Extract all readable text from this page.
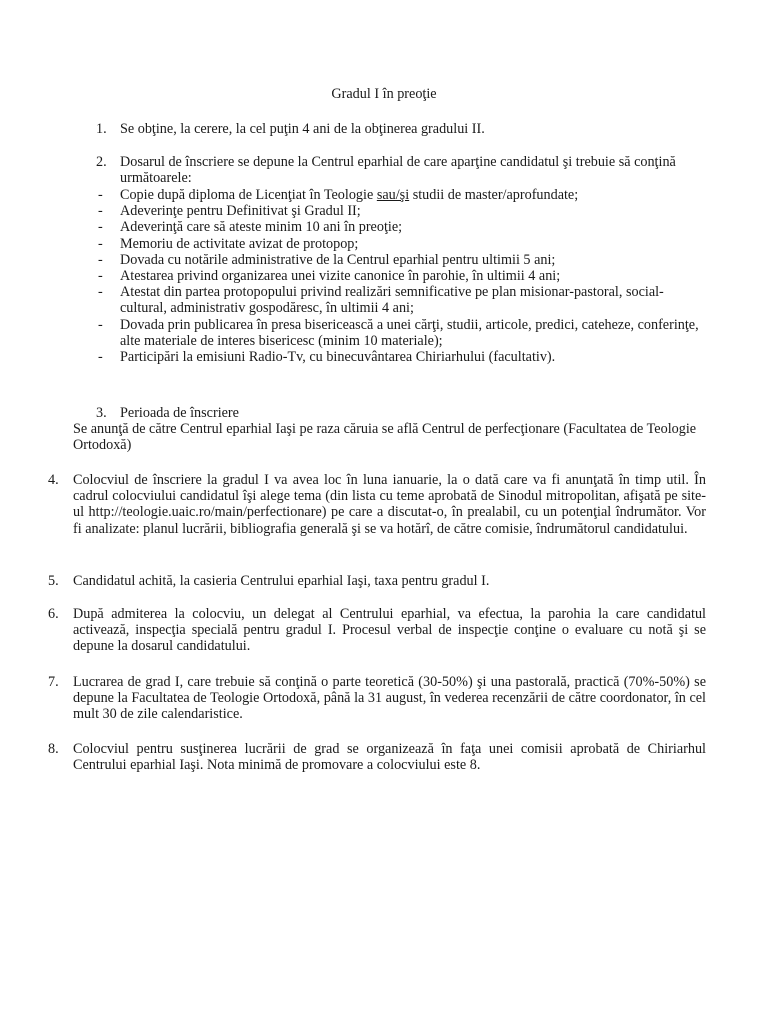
Gradul I în preoţie
1. Se obţine, la cerere, la cel puţin 4 ani de la obţinerea gradului II.
2. Dosarul de înscriere se depune la Centrul eparhial de care aparţine candidatul şi trebuie să conţină următoarele:
- Copie după diploma de Licenţiat în Teologie sau/şi studii de master/aprofundate;
- Adeverinţe pentru Definitivat şi Gradul II;
- Adeverinţă care să ateste minim 10 ani în preoţie;
- Memoriu de activitate avizat de protopop;
- Dovada cu notările administrative de la Centrul eparhial pentru ultimii 5 ani;
- Atestarea privind organizarea unei vizite canonice în parohie, în ultimii 4 ani;
- Atestat din partea protopopului privind realizări semnificative pe plan misionar-pastoral, social-cultural, administrativ gospodăresc, în ultimii 4 ani;
- Dovada prin publicarea în presa bisericească a unei cărţi, studii, articole, predici, cateheze, conferinţe, alte materiale de interes bisericesc (minim 10 materiale);
- Participări la emisiuni Radio-Tv, cu binecuvântarea Chiriarhului (facultativ).
3. Perioada de înscriere
Se anunţă de către Centrul eparhial Iaşi pe raza căruia se află Centrul de perfecţionare (Facultatea de Teologie Ortodoxă)
4.	Colocviul de înscriere la gradul I va avea loc în luna ianuarie, la o dată care va fi anunţată în timp util. În cadrul colocviului candidatul îşi alege tema (din lista cu teme aprobată de Sinodul mitropolitan, afişată pe site-ul http://teologie.uaic.ro/main/perfectionare) pe care a discutat-o, în prealabil, cu un potenţial îndrumător. Vor fi analizate: planul lucrării, bibliografia generală şi se va hotărî, de către comisie, îndrumătorul candidatului.
5.	Candidatul achită, la casieria Centrului eparhial Iaşi, taxa pentru gradul I.
6.	După admiterea la colocviu, un delegat al Centrului eparhial, va efectua, la parohia la care candidatul activează, inspecţia specială pentru gradul I. Procesul verbal de inspecţie conţine o evaluare cu notă şi se depune la dosarul candidatului.
7.	Lucrarea de grad I, care trebuie să conţină o parte teoretică (30-50%) şi una pastorală, practică (70%-50%) se depune la Facultatea de Teologie Ortodoxă, până la 31 august, în vederea recenzării de către coordonator, în cel mult 30 de zile calendaristice.
8.	Colocviul pentru susţinerea lucrării de grad se organizează în faţa unei comisii aprobată de Chiriarhul Centrului eparhial Iaşi. Nota minimă de promovare a colocviului este 8.
